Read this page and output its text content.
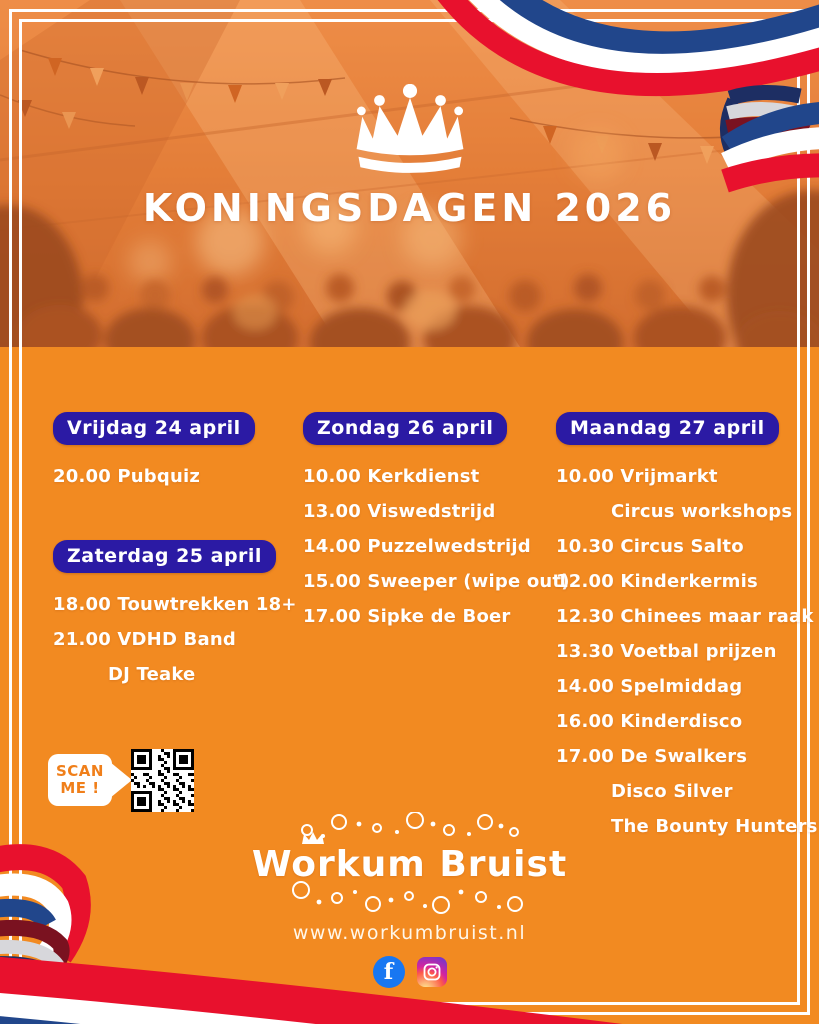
KONINGSDAGEN 2026
Vrijdag 24 april
20.00 Pubquiz
Zaterdag 25 april
18.00 Touwtrekken 18+
21.00 VDHD Band
DJ Teake
Zondag 26 april
10.00 Kerkdienst
13.00 Viswedstrijd
14.00 Puzzelwedstrijd
15.00 Sweeper (wipe out)
17.00 Sipke de Boer
Maandag 27 april
10.00 Vrijmarkt
Circus workshops
10.30 Circus Salto
12.00 Kinderkermis
12.30 Chinees maar raak
13.30 Voetbal prijzen
14.00 Spelmiddag
16.00 Kinderdisco
17.00 De Swalkers
Disco Silver
The Bounty Hunters
SCAN
ME !
Workum Bruist
www.workumbruist.nl
f
